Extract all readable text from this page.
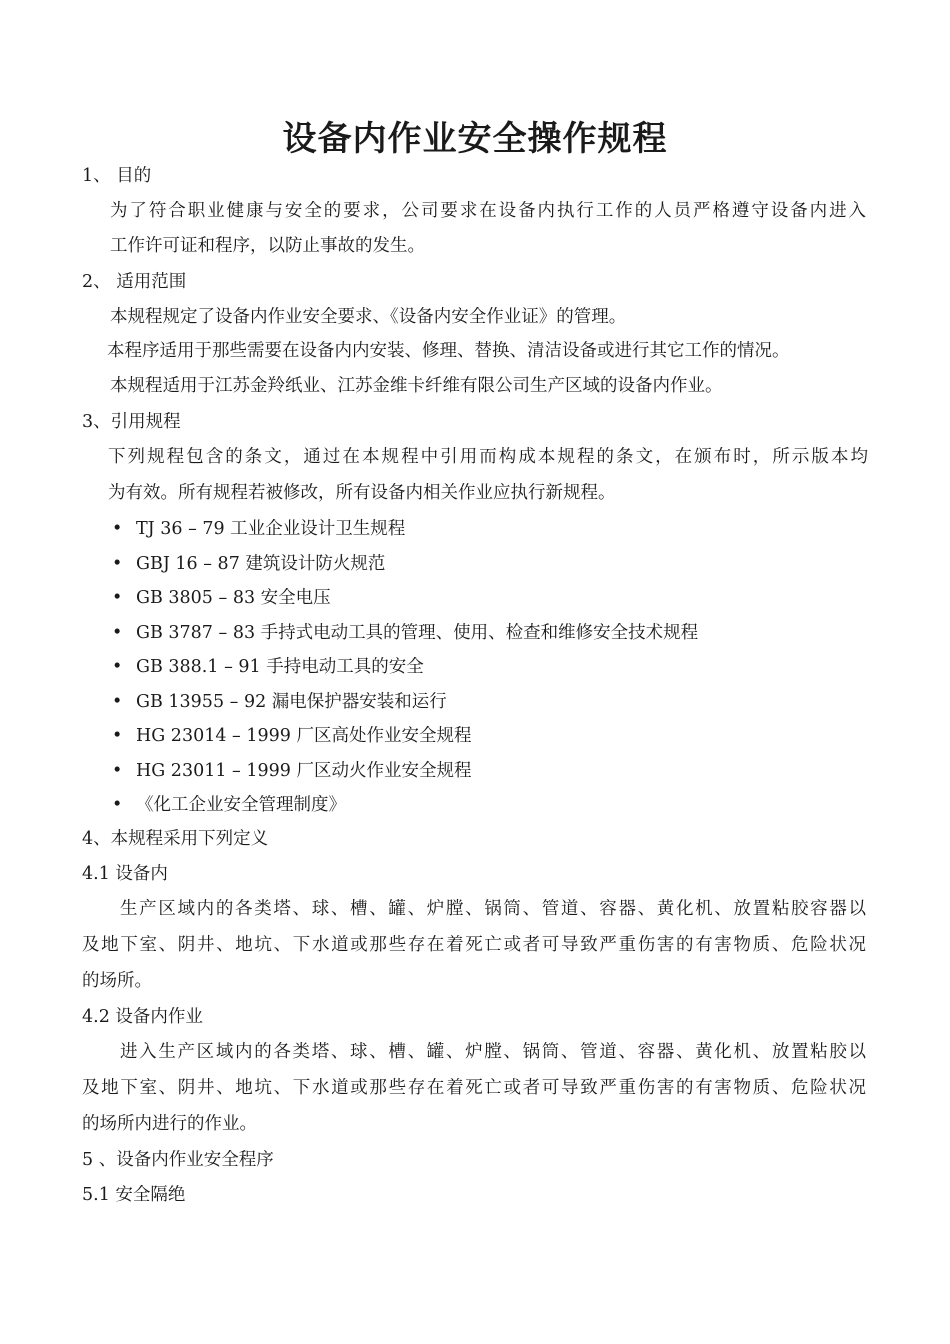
设备内作业安全操作规程

1、 目的

为了符合职业健康与安全的要求，公司要求在设备内执行工作的人员严格遵守设备内进入

工作许可证和程序，以防止事故的发生。

2、 适用范围

本规程规定了设备内作业安全要求、《设备内安全作业证》的管理。

本程序适用于那些需要在设备内内安装、修理、替换、清洁设备或进行其它工作的情况。

本规程适用于江苏金羚纸业、江苏金维卡纤维有限公司生产区域的设备内作业。

3、引用规程

下列规程包含的条文，通过在本规程中引用而构成本规程的条文，在颁布时，所示版本均

为有效。所有规程若被修改，所有设备内相关作业应执行新规程。

• TJ 36 – 79 工业企业设计卫生规程
• GBJ 16 – 87 建筑设计防火规范
• GB 3805 – 83 安全电压
• GB 3787 – 83 手持式电动工具的管理、使用、检查和维修安全技术规程
• GB 388.1 – 91 手持电动工具的安全
• GB 13955 – 92 漏电保护器安装和运行
• HG 23014 – 1999 厂区高处作业安全规程
• HG 23011 – 1999 厂区动火作业安全规程
• 《化工企业安全管理制度》

4、本规程采用下列定义

4.1 设备内

生产区域内的各类塔、球、槽、罐、炉膛、锅筒、管道、容器、黄化机、放置粘胶容器以

及地下室、阴井、地坑、下水道或那些存在着死亡或者可导致严重伤害的有害物质、危险状况

的场所。

4.2 设备内作业

进入生产区域内的各类塔、球、槽、罐、炉膛、锅筒、管道、容器、黄化机、放置粘胶以

及地下室、阴井、地坑、下水道或那些存在着死亡或者可导致严重伤害的有害物质、危险状况

的场所内进行的作业。

5 、设备内作业安全程序

5.1 安全隔绝
